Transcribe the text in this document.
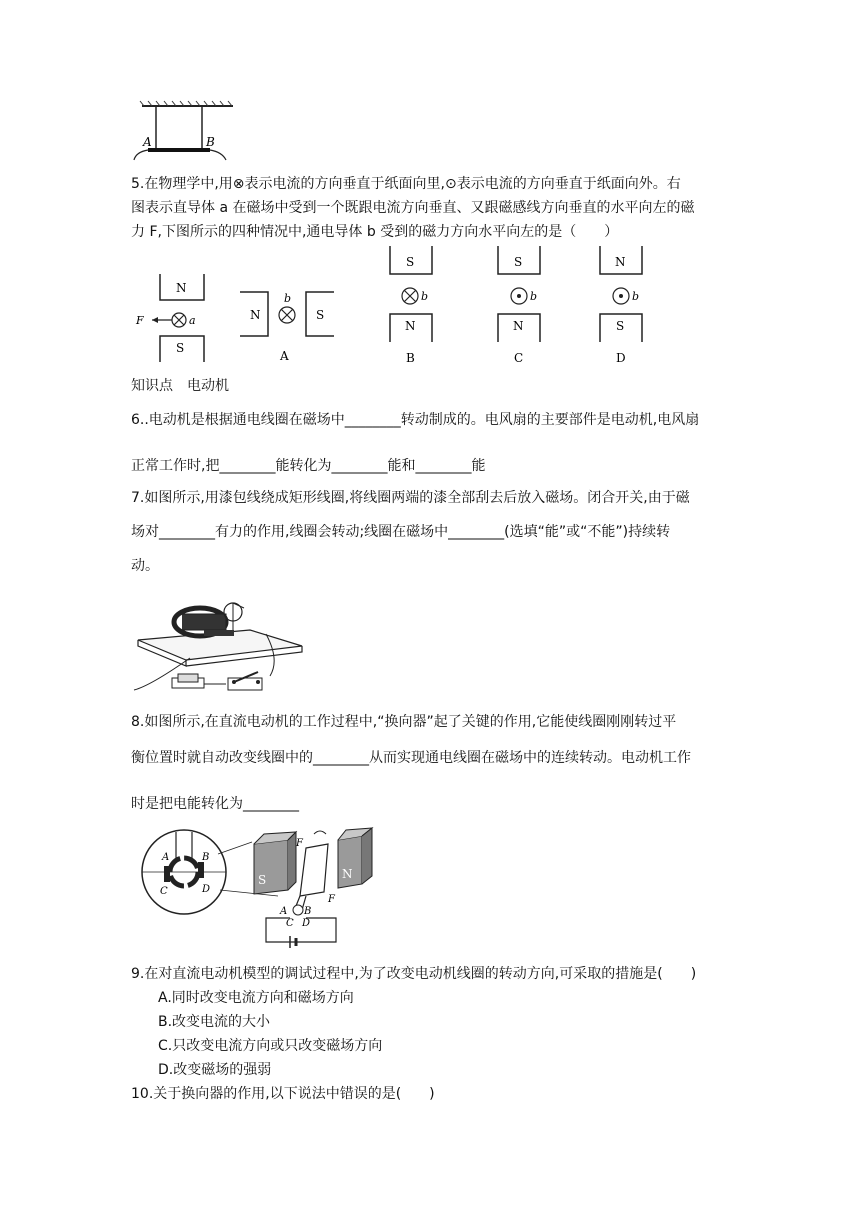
A	B
5.在物理学中,用⊗表示电流的方向垂直于纸面向里,⊙表示电流的方向垂直于纸面向外。右
图表示直导体 a 在磁场中受到一个既跟电流方向垂直、又跟磁感线方向垂直的水平向左的磁
力 F,下图所示的四种情况中,通电导体 b 受到的磁力方向水平向左的是（　　）
N
a
F
S
N
b
S
A
S
b
N
B
S
b
N
C
N
b
S
D
知识点　电动机
6..电动机是根据通电线圈在磁场中________转动制成的。电风扇的主要部件是电动机,电风扇
正常工作时,把________能转化为________能和________能
7.如图所示,用漆包线绕成矩形线圈,将线圈两端的漆全部刮去后放入磁场。闭合开关,由于磁
场对________有力的作用,线圈会转动;线圈在磁场中________(选填“能”或“不能”)持续转
动。
8.如图所示,在直流电动机的工作过程中,“换向器”起了关键的作用,它能使线圈刚刚转过平
衡位置时就自动改变线圈中的________从而实现通电线圈在磁场中的连续转动。电动机工作
时是把电能转化为________
A	B
C	D
S	N
F
F
A B
C D
9.在对直流电动机模型的调试过程中,为了改变电动机线圈的转动方向,可采取的措施是(　　)
A.同时改变电流方向和磁场方向
B.改变电流的大小
C.只改变电流方向或只改变磁场方向
D.改变磁场的强弱
10.关于换向器的作用,以下说法中错误的是(　　)
